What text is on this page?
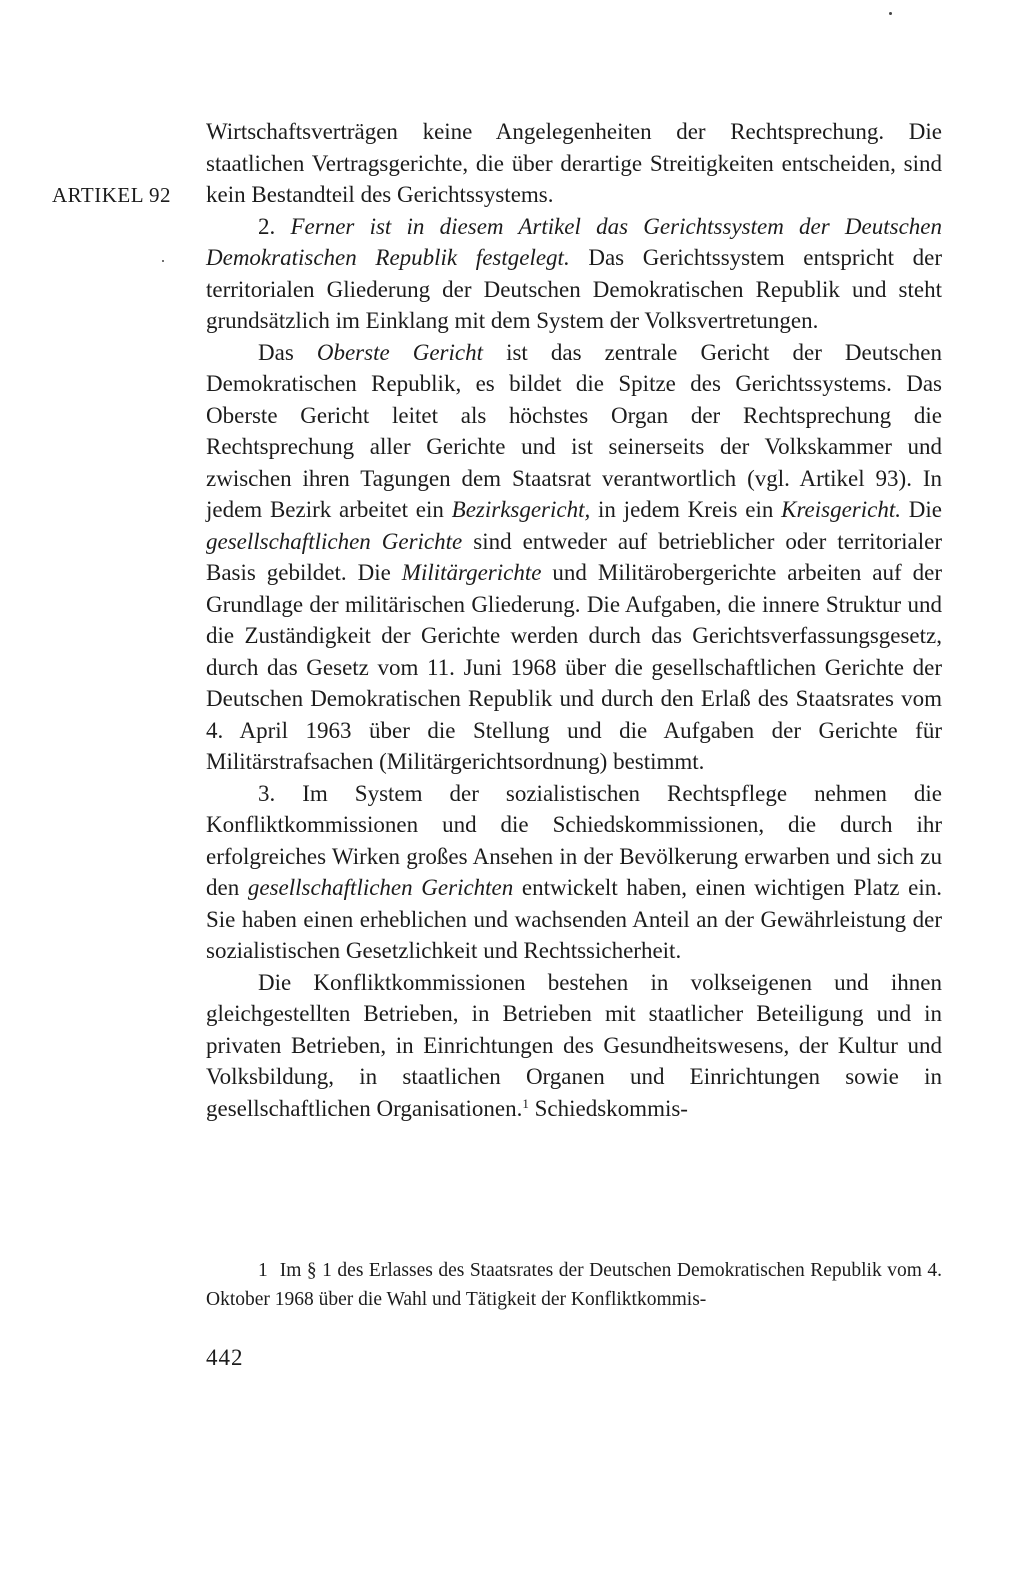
ARTIKEL 92

Wirtschaftsverträgen keine Angelegenheiten der Rechtsprechung. Die staatlichen Vertragsgerichte, die über derartige Streitigkeiten entscheiden, sind kein Bestandteil des Gerichtssystems.

2. Ferner ist in diesem Artikel das Gerichtssystem der Deutschen Demokratischen Republik festgelegt. Das Gerichtssystem entspricht der territorialen Gliederung der Deutschen Demokratischen Republik und steht grundsätzlich im Einklang mit dem System der Volksvertretungen.

Das Oberste Gericht ist das zentrale Gericht der Deutschen Demokratischen Republik, es bildet die Spitze des Gerichtssystems. Das Oberste Gericht leitet als höchstes Organ der Rechtsprechung die Rechtsprechung aller Gerichte und ist seinerseits der Volkskammer und zwischen ihren Tagungen dem Staatsrat verantwortlich (vgl. Artikel 93). In jedem Bezirk arbeitet ein Bezirksgericht, in jedem Kreis ein Kreisgericht. Die gesellschaftlichen Gerichte sind entweder auf betrieblicher oder territorialer Basis gebildet. Die Militärgerichte und Militärobergerichte arbeiten auf der Grundlage der militärischen Gliederung. Die Aufgaben, die innere Struktur und die Zuständigkeit der Gerichte werden durch das Gerichtsverfassungsgesetz, durch das Gesetz vom 11. Juni 1968 über die gesellschaftlichen Gerichte der Deutschen Demokratischen Republik und durch den Erlaß des Staatsrates vom 4. April 1963 über die Stellung und die Aufgaben der Gerichte für Militärstrafsachen (Militärgerichtsordnung) bestimmt.

3. Im System der sozialistischen Rechtspflege nehmen die Konfliktkommissionen und die Schiedskommissionen, die durch ihr erfolgreiches Wirken großes Ansehen in der Bevölkerung erwarben und sich zu den gesellschaftlichen Gerichten entwickelt haben, einen wichtigen Platz ein. Sie haben einen erheblichen und wachsenden Anteil an der Gewährleistung der sozialistischen Gesetzlichkeit und Rechtssicherheit.

Die Konfliktkommissionen bestehen in volkseigenen und ihnen gleichgestellten Betrieben, in Betrieben mit staatlicher Beteiligung und in privaten Betrieben, in Einrichtungen des Gesundheitswesens, der Kultur und Volksbildung, in staatlichen Organen und Einrichtungen sowie in gesellschaftlichen Organisationen.$^1$ Schiedskommis-

1 Im § 1 des Erlasses des Staatsrates der Deutschen Demokratischen Republik vom 4. Oktober 1968 über die Wahl und Tätigkeit der Konfliktkommis-

442
